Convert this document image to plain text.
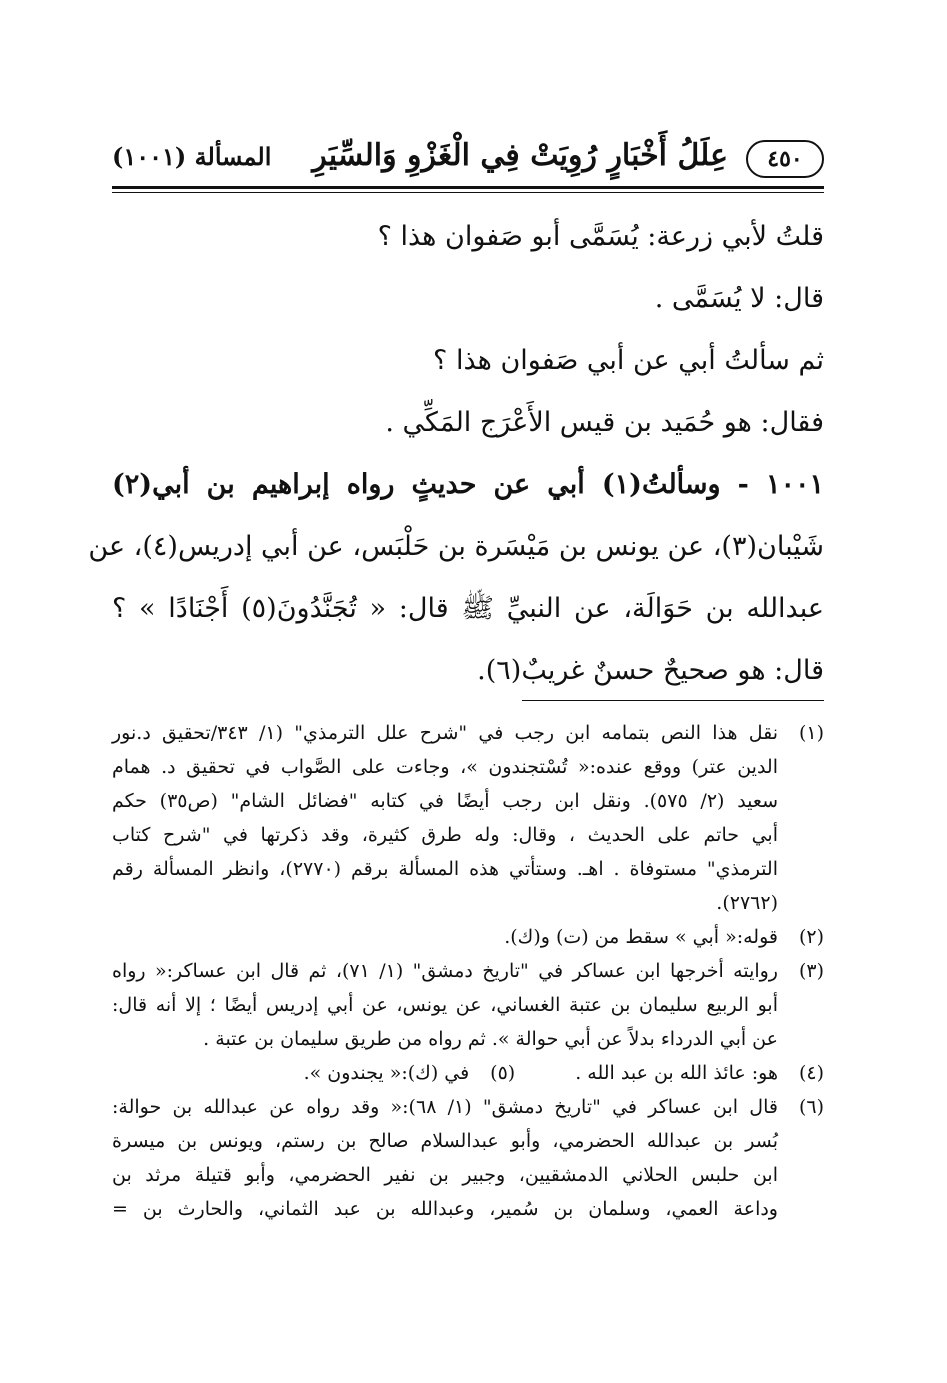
٤٥٠
عِلَلُ أَخْبَارٍ رُوِيَتْ فِي الْغَزْوِ وَالسِّيَرِ
المسألة (١٠٠١)
قلتُ لأبي زرعة: يُسَمَّى أبو صَفوان هذا ؟
قال: لا يُسَمَّى .
ثم سألتُ أبي عن أبي صَفوان هذا ؟
فقال: هو حُمَيد بن قيس الأَعْرَج المَكِّي .
١٠٠١ - وسألتُ(١) أبي عن حديثٍ رواه إبراهيم بن أبي(٢)
شَيْبان(٣)، عن يونس بن مَيْسَرة بن حَلْبَس، عن أبي إدريس(٤)، عن
عبدالله بن حَوَالَة، عن النبيِّ ﷺ قال: « تُجَنَّدُونَ(٥) أَجْنَادًا » ؟
قال: هو صحيحٌ حسنٌ غريبٌ(٦).
(١)
نقل هذا النص بتمامه ابن رجب في "شرح علل الترمذي" (١/ ٣٤٣/تحقيق د.نور
الدين عتر) ووقع عنده:« تُسْتجندون »، وجاءت على الصَّواب في تحقيق د. همام
سعيد (٢/ ٥٧٥). ونقل ابن رجب أيضًا في كتابه "فضائل الشام" (ص٣٥) حكم
أبي حاتم على الحديث ، وقال: وله طرق كثيرة، وقد ذكرتها في "شرح كتاب
الترمذي" مستوفاة . اهـ. وستأتي هذه المسألة برقم (٢٧٧٠)، وانظر المسألة رقم
(٢٧٦٢).
(٢)
قوله:« أبي » سقط من (ت) و(ك).
(٣)
روايته أخرجها ابن عساكر في "تاريخ دمشق" (١/ ٧١)، ثم قال ابن عساكر:« رواه
أبو الربيع سليمان بن عتبة الغساني، عن يونس، عن أبي إدريس أيضًا ؛ إلا أنه قال:
عن أبي الدرداء بدلاً عن أبي حوالة ». ثم رواه من طريق سليمان بن عتبة .
(٤)
هو: عائذ الله بن عبد الله .
(٥)
في (ك):« يجندون ».
(٦)
قال ابن عساكر في "تاريخ دمشق" (١/ ٦٨):« وقد رواه عن عبدالله بن حوالة:
بُسر بن عبدالله الحضرمي، وأبو عبدالسلام صالح بن رستم، ويونس بن ميسرة
ابن حلبس الحلاني الدمشقيين، وجبير بن نفير الحضرمي، وأبو قتيلة مرثد بن
وداعة العمي، وسلمان بن سُمير، وعبدالله بن عبد الثماني، والحارث بن =
